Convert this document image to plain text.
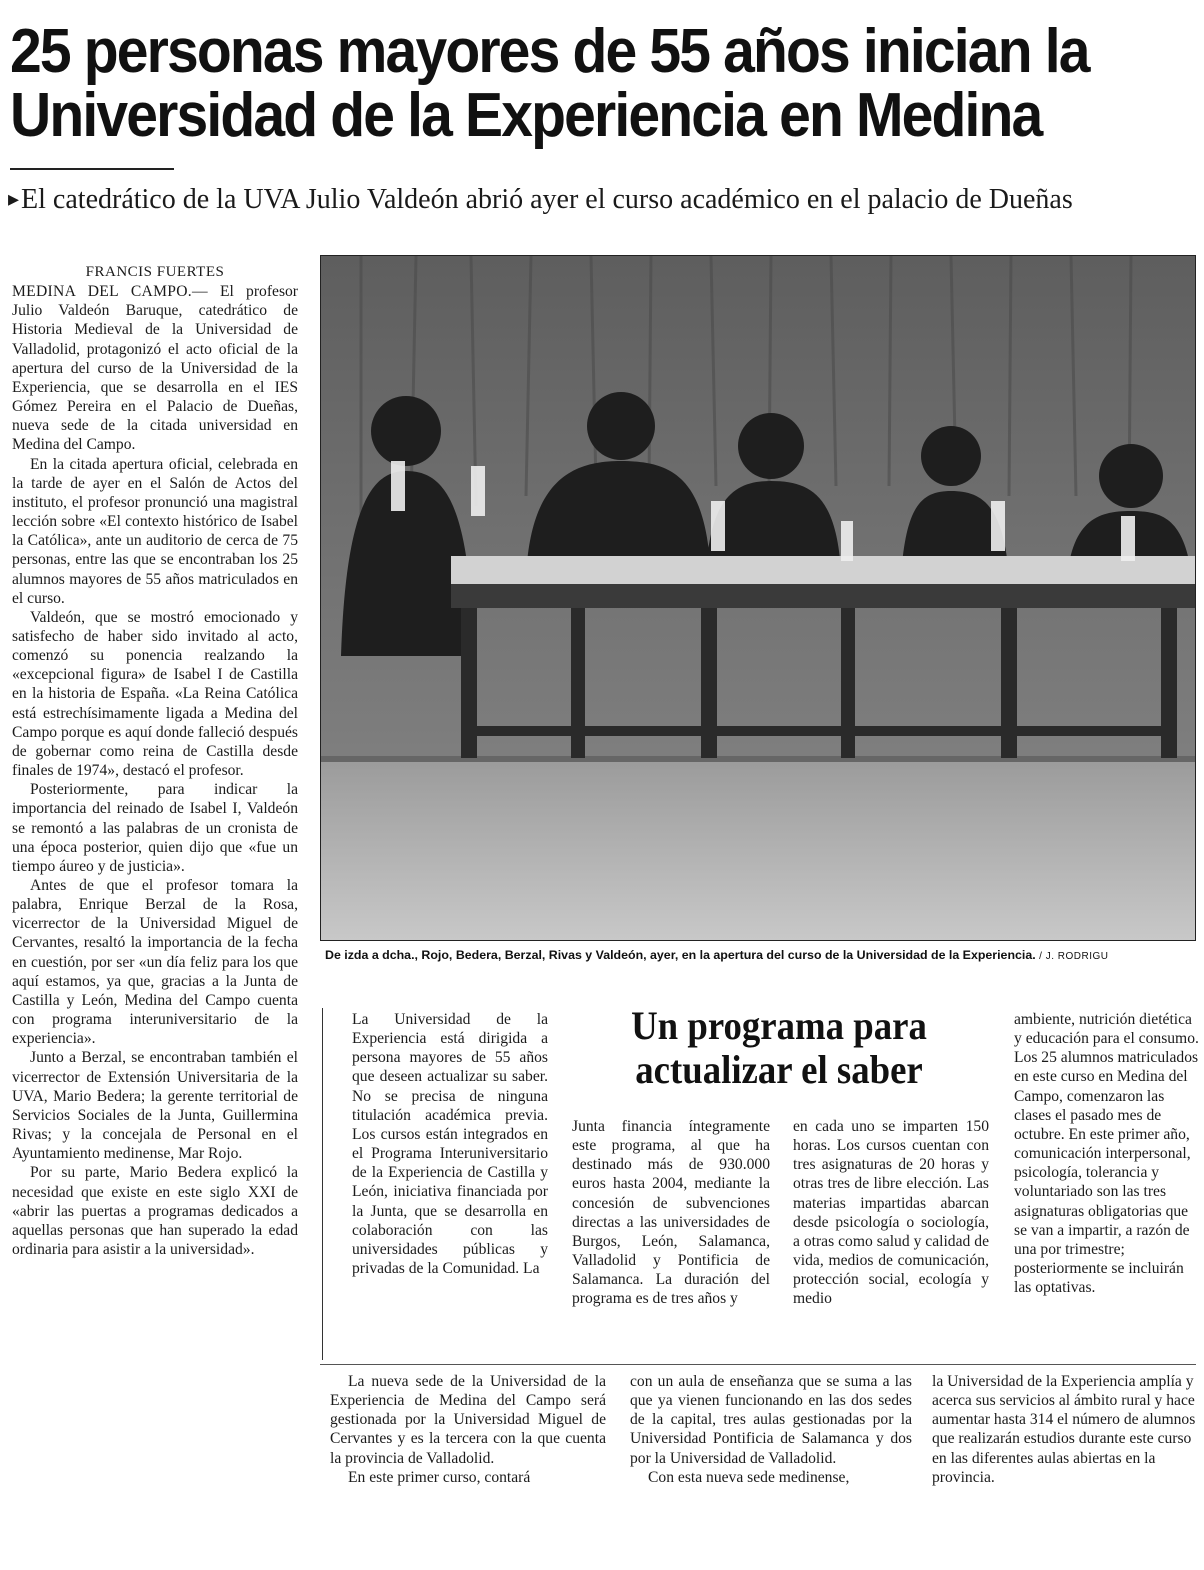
25 personas mayores de 55 años inician la
Universidad de la Experiencia en Medina
▸El catedrático de la UVA Julio Valdeón abrió ayer el curso académico en el palacio de Dueñas

FRANCIS FUERTES

MEDINA DEL CAMPO.— El profesor Julio Valdeón Baruque, catedrático de Historia Medieval de la Universidad de Valladolid, protagonizó el acto oficial de la apertura del curso de la Universidad de la Experiencia, que se desarrolla en el IES Gómez Pereira en el Palacio de Dueñas, nueva sede de la citada universidad en Medina del Campo.

En la citada apertura oficial, celebrada en la tarde de ayer en el Salón de Actos del instituto, el profesor pronunció una magistral lección sobre «El contexto histórico de Isabel la Católica», ante un auditorio de cerca de 75 personas, entre las que se encontraban los 25 alumnos mayores de 55 años matriculados en el curso.

Valdeón, que se mostró emocionado y satisfecho de haber sido invitado al acto, comenzó su ponencia realzando la «excepcional figura» de Isabel I de Castilla en la historia de España. «La Reina Católica está estrechísimamente ligada a Medina del Campo porque es aquí donde falleció después de gobernar como reina de Castilla desde finales de 1974», destacó el profesor.

Posteriormente, para indicar la importancia del reinado de Isabel I, Valdeón se remontó a las palabras de un cronista de una época posterior, quien dijo que «fue un tiempo áureo y de justicia».

Antes de que el profesor tomara la palabra, Enrique Berzal de la Rosa, vicerrector de la Universidad Miguel de Cervantes, resaltó la importancia de la fecha en cuestión, por ser «un día feliz para los que aquí estamos, ya que, gracias a la Junta de Castilla y León, Medina del Campo cuenta con programa interuniversitario de la experiencia».

Junto a Berzal, se encontraban también el vicerrector de Extensión Universitaria de la UVA, Mario Bedera; la gerente territorial de Servicios Sociales de la Junta, Guillermina Rivas; y la concejala de Personal en el Ayuntamiento medinense, Mar Rojo.

Por su parte, Mario Bedera explicó la necesidad que existe en este siglo XXI de «abrir las puertas a programas dedicados a aquellas personas que han superado la edad ordinaria para asistir a la universidad».

De izda a dcha., Rojo, Bedera, Berzal, Rivas y Valdeón, ayer, en la apertura del curso de la Universidad de la Experiencia. / J. RODRIGU

La Universidad de la Experiencia está dirigida a persona mayores de 55 años que deseen actualizar su saber. No se precisa de ninguna titulación académica previa. Los cursos están integrados en el Programa Interuniversitario de la Experiencia de Castilla y León, iniciativa financiada por la Junta, que se desarrolla en colaboración con las universidades públicas y privadas de la Comunidad. La

Un programa para
actualizar el saber

Junta financia íntegramente este programa, al que ha destinado más de 930.000 euros hasta 2004, mediante la concesión de subvenciones directas a las universidades de Burgos, León, Salamanca, Valladolid y Pontificia de Salamanca. La duración del programa es de tres años y

en cada uno se imparten 150 horas. Los cursos cuentan con tres asignaturas de 20 horas y otras tres de libre elección. Las materias impartidas abarcan desde psicología o sociología, a otras como salud y calidad de vida, medios de comunicación, protección social, ecología y medio

ambiente, nutrición dietética y educación para el consumo. Los 25 alumnos matriculados en este curso en Medina del Campo, comenzaron las clases el pasado mes de octubre. En este primer año, comunicación interpersonal, psicología, tolerancia y voluntariado son las tres asignaturas obligatorias que se van a impartir, a razón de una por trimestre; posteriormente se incluirán las optativas.

La nueva sede de la Universidad de la Experiencia de Medina del Campo será gestionada por la Universidad Miguel de Cervantes y es la tercera con la que cuenta la provincia de Valladolid.

En este primer curso, contará

con un aula de enseñanza que se suma a las que ya vienen funcionando en las dos sedes de la capital, tres aulas gestionadas por la Universidad Pontificia de Salamanca y dos por la Universidad de Valladolid.

Con esta nueva sede medinense,

la Universidad de la Experiencia amplía y acerca sus servicios al ámbito rural y hace aumentar hasta 314 el número de alumnos que realizarán estudios durante este curso en las diferentes aulas abiertas en la provincia.
